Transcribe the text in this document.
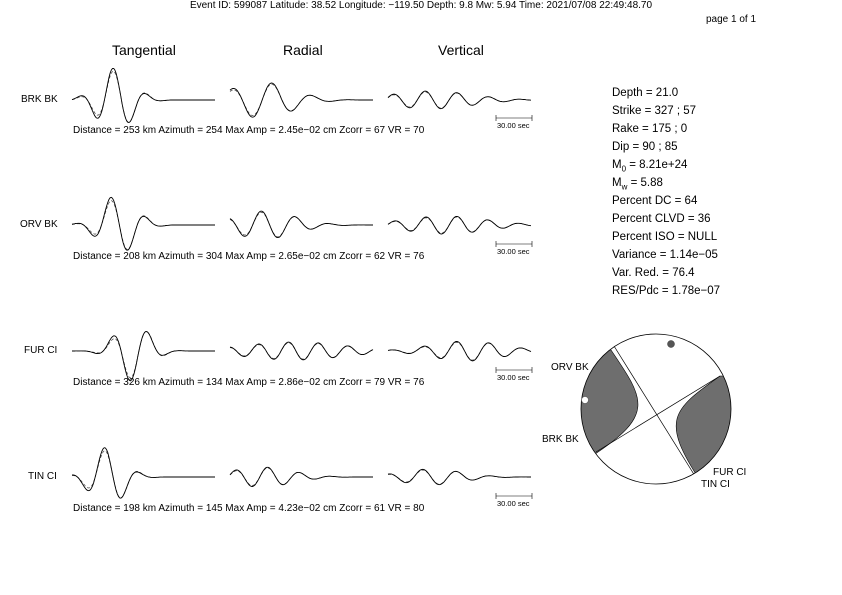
Event ID: 599087 Latitude: 38.52 Longitude: −119.50 Depth: 9.8 Mw: 5.94 Time: 2021/07/08 22:49:48.70
page 1 of 1
Tangential	Radial	Vertical
BRK BK
ORV BK
FUR CI
TIN CI
Distance = 253 km Azimuth = 254 Max Amp = 2.45e−02 cm Zcorr = 67 VR = 70
Distance = 208 km Azimuth = 304 Max Amp = 2.65e−02 cm Zcorr = 62 VR = 76
Distance = 326 km Azimuth = 134 Max Amp = 2.86e−02 cm Zcorr = 79 VR = 76
Distance = 198 km Azimuth = 145 Max Amp = 4.23e−02 cm Zcorr = 61 VR = 80
30.00 sec
30.00 sec
30.00 sec
30.00 sec
Depth = 21.0
Strike = 327 ; 57
Rake = 175 ; 0
Dip = 90 ; 85
$M_0 = 8.21e+24$
$M_w = 5.88$
Percent DC = 64
Percent CLVD = 36
Percent ISO = NULL
Variance = 1.14e−05
Var. Red. = 76.4
RES/Pdc = 1.78e−07
ORV BK
BRK BK
FUR CI
TIN CI
